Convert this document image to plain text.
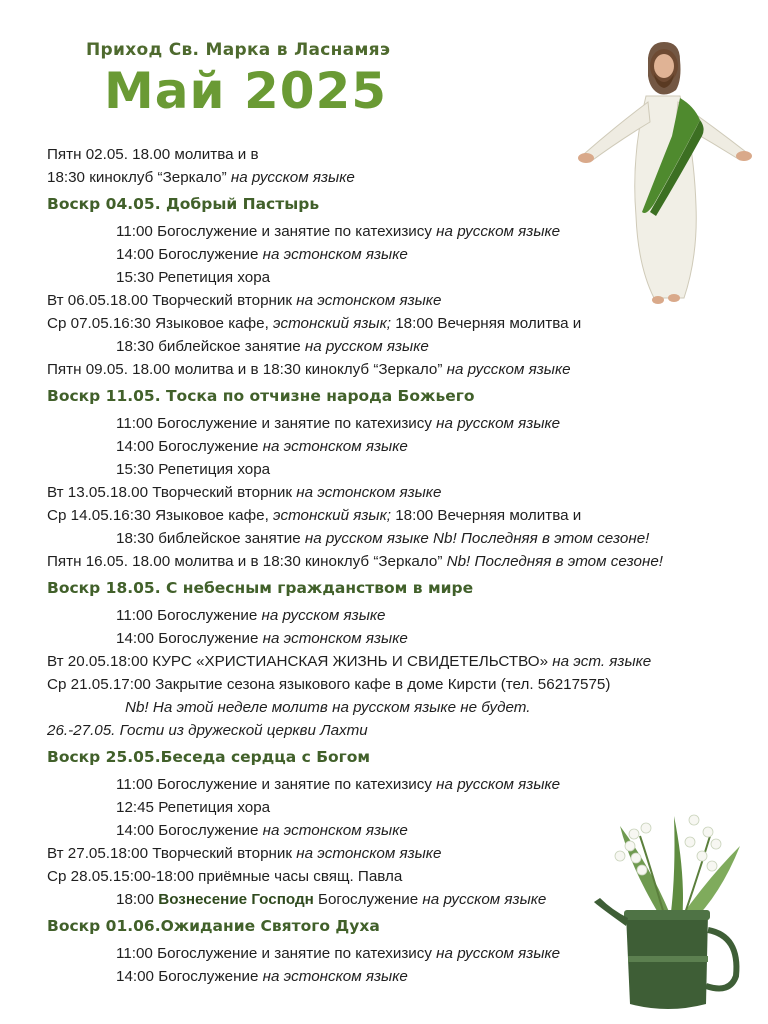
Приход Св. Марка в Ласнамяэ
Май 2025
Пятн 02.05. 18.00 молитва и в
18:30 киноклуб “Зеркало” на русском языке
Воскр 04.05. Добрый Пастырь
11:00 Богослужение и занятие по катехизису на русском языке
14:00 Богослужение на эстонском языке
15:30 Репетиция хора
Вт 06.05.18.00 Творческий вторник на эстонском языке
Ср 07.05.16:30 Языковое кафе, эстонский язык; 18:00 Вечерняя молитва и
18:30 библейское занятие на русском языке
Пятн 09.05. 18.00 молитва и в 18:30 киноклуб “Зеркало” на русском языке
Воскр 11.05. Тоска по отчизне народа Божьего
11:00 Богослужение и занятие по катехизису на русском языке
14:00 Богослужение на эстонском языке
15:30 Репетиция хора
Вт 13.05.18.00 Творческий вторник на эстонском языке
Ср 14.05.16:30 Языковое кафе, эстонский язык; 18:00 Вечерняя молитва и
18:30 библейское занятие на русском языке Nb! Последняя в этом сезоне!
Пятн 16.05. 18.00 молитва и в 18:30 киноклуб “Зеркало” Nb! Последняя в этом сезоне!
Воскр 18.05. С небесным гражданством в мире
11:00 Богослужение на русском языке
14:00 Богослужение на эстонском языке
Вт 20.05.18:00 КУРС «ХРИСТИАНСКАЯ ЖИЗНЬ И СВИДЕТЕЛЬСТВО» на эст. языке
Ср 21.05.17:00 Закрытие сезона языкового кафе в доме Кирсти (тел. 56217575)
Nb! На этой неделе молитв на русском языке не будет.
26.-27.05. Гости из дружеской церкви Лахти
Воскр 25.05.Беседа сердца с Богом
11:00 Богослужение и занятие по катехизису на русском языке
12:45 Репетиция хора
14:00 Богослужение на эстонском языке
Вт 27.05.18:00 Творческий вторник на эстонском языке
Ср 28.05.15:00-18:00 приёмные часы свящ. Павла
18:00 Вознесение Господн Богослужение на русском языке
Воскр 01.06.Ожидание Святого Духа
11:00 Богослужение и занятие по катехизису на русском языке
14:00 Богослужение на эстонском языке
